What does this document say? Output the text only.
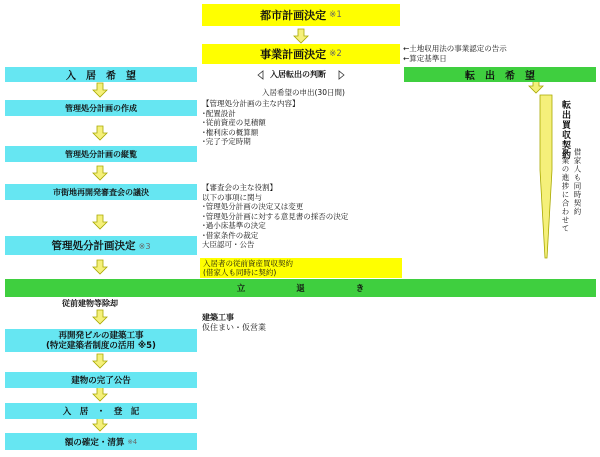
都市計画決定 ※1
事業計画決定 ※2
←土地収用法の事業認定の告示
←算定基準日
入　居　希　望	入居転出の判断	転　出　希　望
入居希望の申出(30日間)
管理処分計画の作成
管理処分計画の縦覧
市街地再開発審査会の議決
管理処分計画決定 ※3
【管理処分計画の主な内容】
･配置設計
･従前資産の見積額
･権利床の概算額
･完了予定時期
【審査会の主な役割】
以下の事項に関与
･管理処分計画の決定又は変更
･管理処分計画に対する意見書の採否の決定
･過小床基準の決定
･借家条件の裁定
大臣認可・公告
入居者の従前資産買収契約
(借家人も同時に契約)
転出買収契約
借家人も同時契約
事業の進捗に合わせて
立　　　　　　退　　　　　　き
従前建物等除却
再開発ビルの建築工事
(特定建築者制度の活用 ※5)
建築工事
仮住まい・仮営業
建物の完了公告
入　居　・　登　記
額の確定・清算 ※4
